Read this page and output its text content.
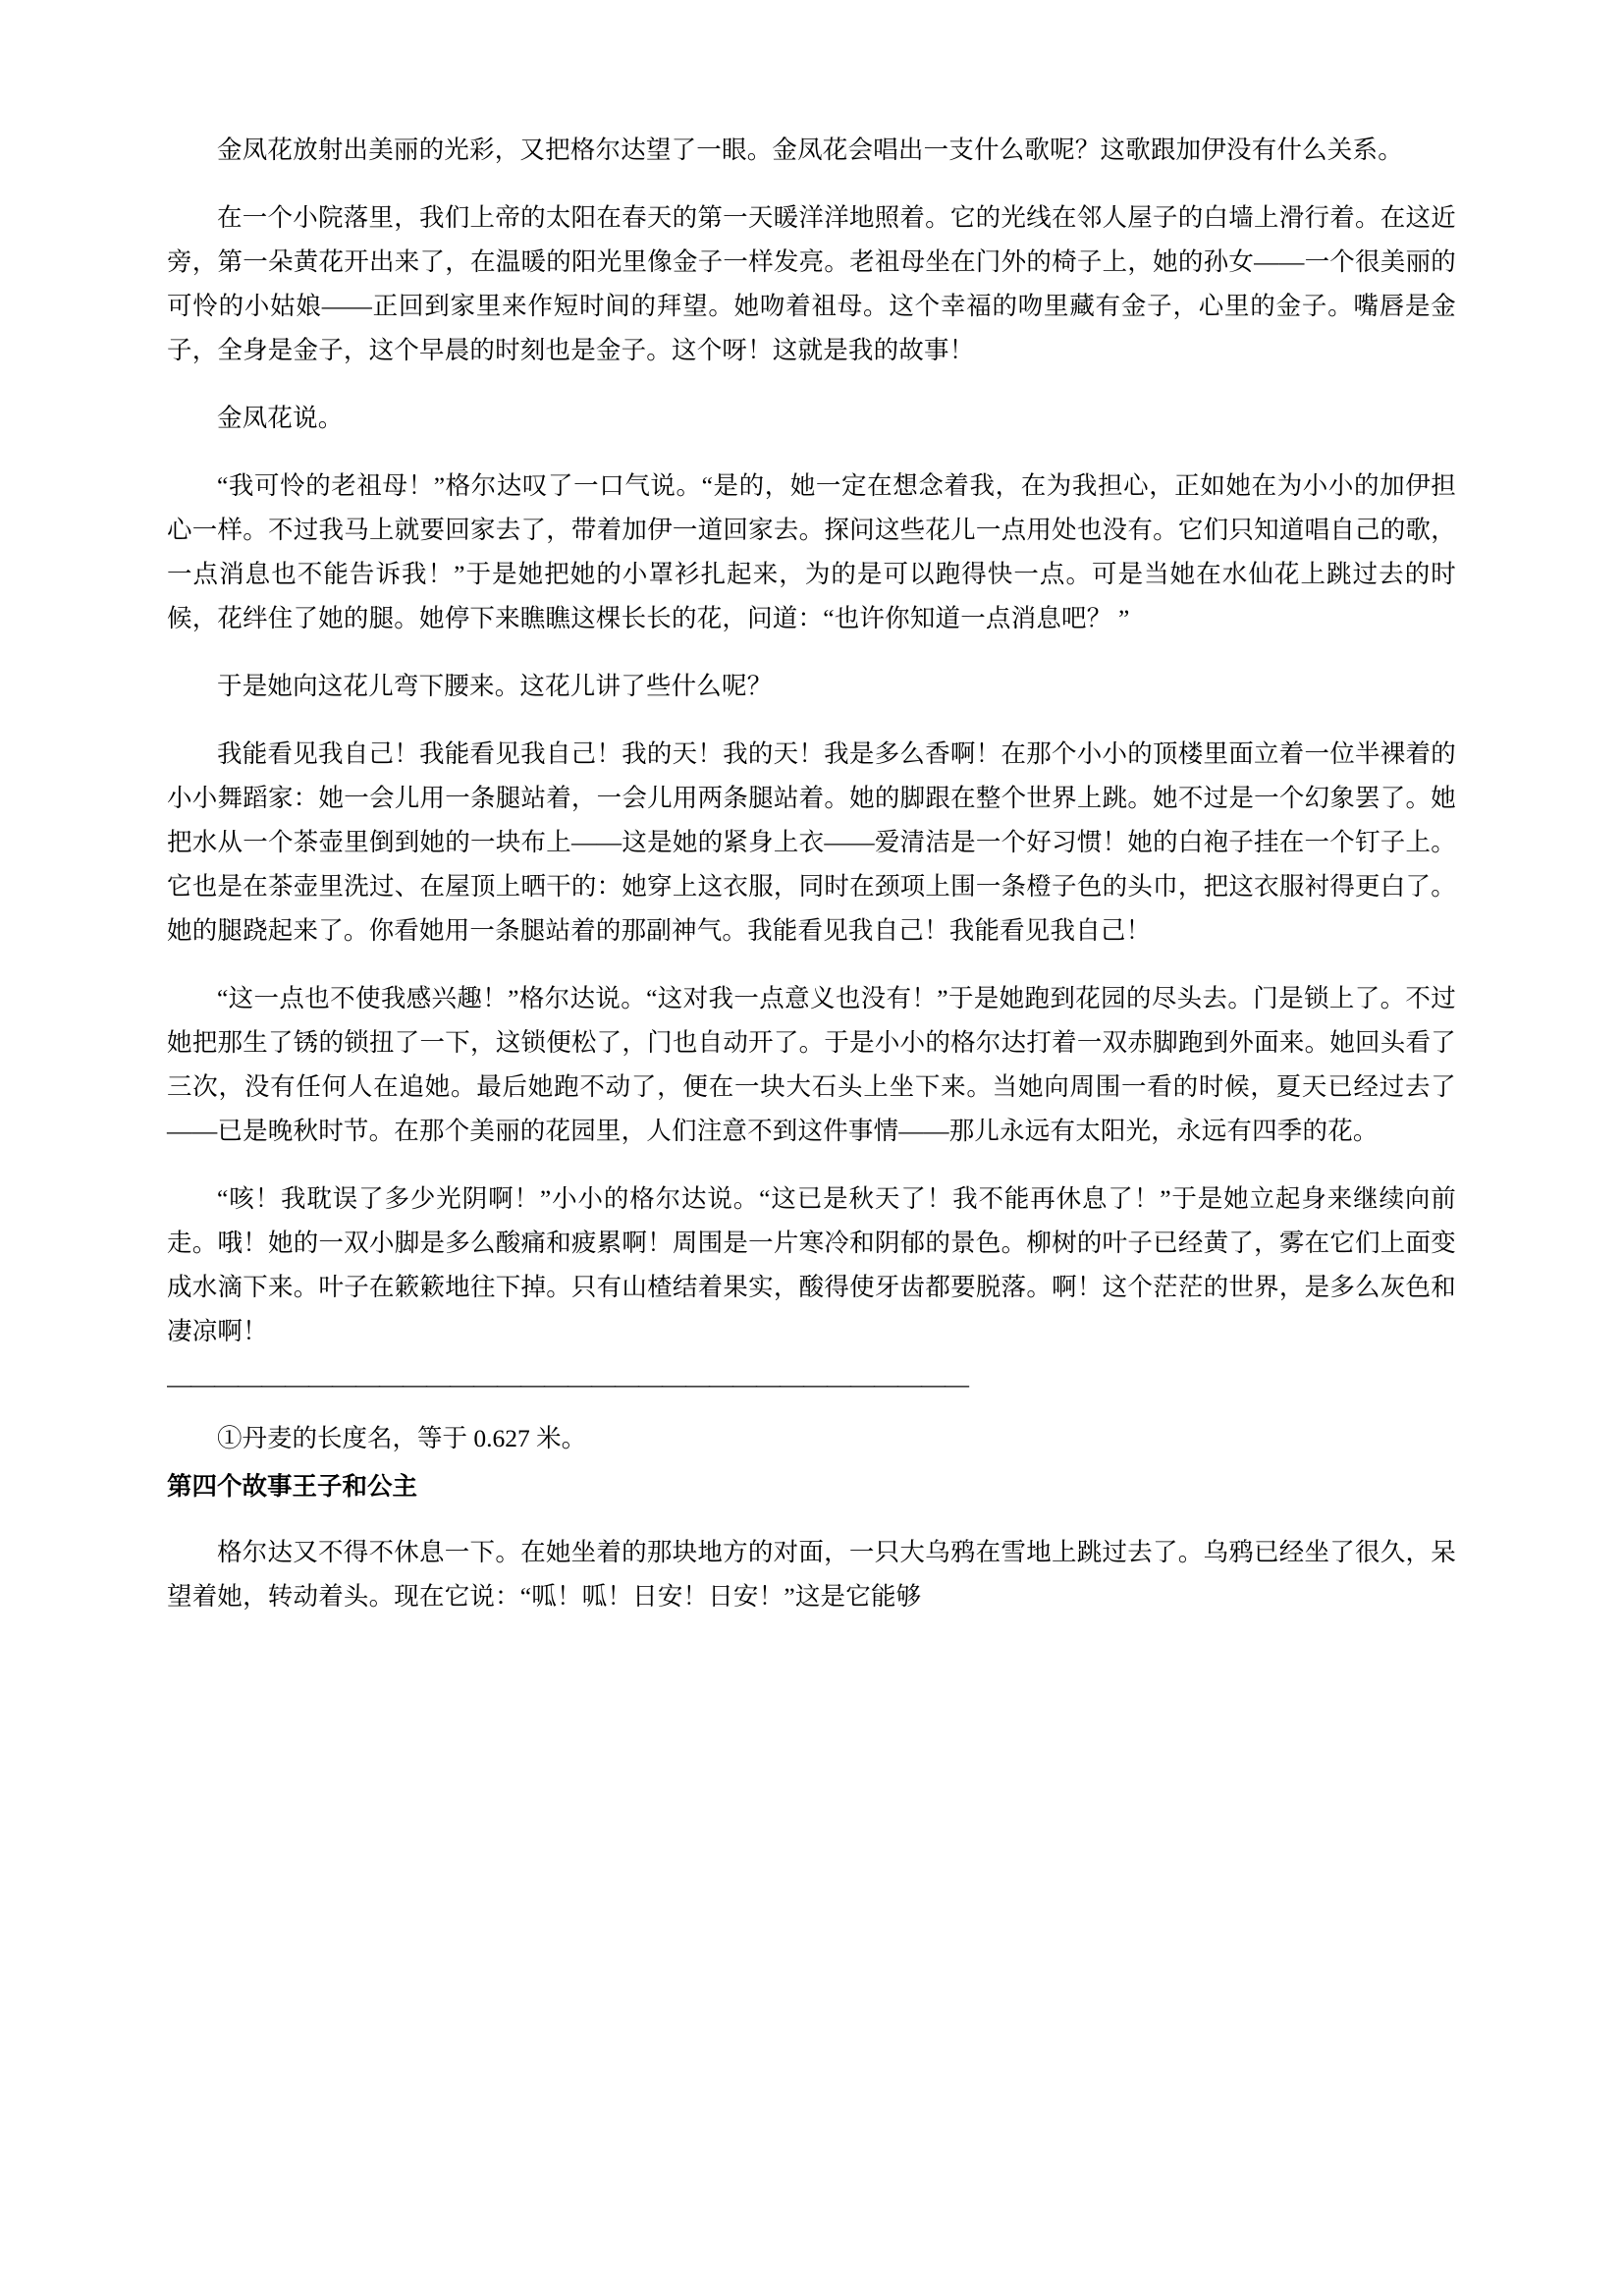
金凤花放射出美丽的光彩，又把格尔达望了一眼。金凤花会唱出一支什么歌呢？这歌跟加伊没有什么关系。

在一个小院落里，我们上帝的太阳在春天的第一天暖洋洋地照着。它的光线在邻人屋子的白墙上滑行着。在这近旁，第一朵黄花开出来了，在温暖的阳光里像金子一样发亮。老祖母坐在门外的椅子上，她的孙女——一个很美丽的可怜的小姑娘——正回到家里来作短时间的拜望。她吻着祖母。这个幸福的吻里藏有金子，心里的金子。嘴唇是金子，全身是金子，这个早晨的时刻也是金子。这个呀！这就是我的故事！

金凤花说。

“我可怜的老祖母！”格尔达叹了一口气说。“是的，她一定在想念着我，在为我担心，正如她在为小小的加伊担心一样。不过我马上就要回家去了，带着加伊一道回家去。探问这些花儿一点用处也没有。它们只知道唱自己的歌，一点消息也不能告诉我！”于是她把她的小罩衫扎起来，为的是可以跑得快一点。可是当她在水仙花上跳过去的时候，花绊住了她的腿。她停下来瞧瞧这棵长长的花，问道：“也许你知道一点消息吧？ ”

于是她向这花儿弯下腰来。这花儿讲了些什么呢？

我能看见我自己！我能看见我自己！我的天！我的天！我是多么香啊！在那个小小的顶楼里面立着一位半裸着的小小舞蹈家：她一会儿用一条腿站着，一会儿用两条腿站着。她的脚跟在整个世界上跳。她不过是一个幻象罢了。她把水从一个茶壶里倒到她的一块布上——这是她的紧身上衣——爱清洁是一个好习惯！她的白袍子挂在一个钉子上。它也是在茶壶里洗过、在屋顶上晒干的：她穿上这衣服，同时在颈项上围一条橙子色的头巾，把这衣服衬得更白了。她的腿跷起来了。你看她用一条腿站着的那副神气。我能看见我自己！我能看见我自己！

“这一点也不使我感兴趣！”格尔达说。“这对我一点意义也没有！”于是她跑到花园的尽头去。门是锁上了。不过她把那生了锈的锁扭了一下，这锁便松了，门也自动开了。于是小小的格尔达打着一双赤脚跑到外面来。她回头看了三次，没有任何人在追她。最后她跑不动了，便在一块大石头上坐下来。当她向周围一看的时候，夏天已经过去了——已是晚秋时节。在那个美丽的花园里，人们注意不到这件事情——那儿永远有太阳光，永远有四季的花。

“咳！我耽误了多少光阴啊！”小小的格尔达说。“这已是秋天了！我不能再休息了！”于是她立起身来继续向前走。哦！她的一双小脚是多么酸痛和疲累啊！周围是一片寒冷和阴郁的景色。柳树的叶子已经黄了，雾在它们上面变成水滴下来。叶子在簌簌地往下掉。只有山楂结着果实，酸得使牙齿都要脱落。啊！这个茫茫的世界，是多么灰色和凄凉啊！

——————————————————————————————————

①丹麦的长度名，等于 0.627 米。

第四个故事王子和公主

格尔达又不得不休息一下。在她坐着的那块地方的对面，一只大乌鸦在雪地上跳过去了。乌鸦已经坐了很久，呆望着她，转动着头。现在它说：“呱！呱！日安！日安！”这是它能够
